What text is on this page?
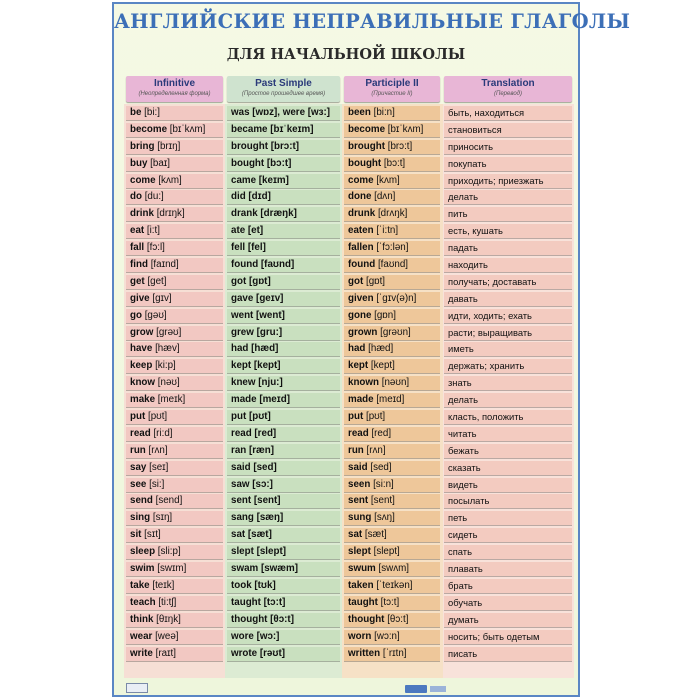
АНГЛИЙСКИЕ НЕПРАВИЛЬНЫЕ ГЛАГОЛЫ
ДЛЯ НАЧАЛЬНОЙ ШКОЛЫ
Infinitive
(Неопределенная форма)
Past Simple
(Простое прошедшее время)
Participle II
(Причастие II)
Translation
(Перевод)
be [bi:]	was [wɒz], were [wɜ:]	been [bi:n]	быть, находиться
become [bɪˈkʌm]	became [bɪˈkeɪm]	become [bɪˈkʌm]	становиться
bring [brɪŋ]	brought [brɔ:t]	brought [brɔ:t]	приносить
buy [baɪ]	bought [bɔ:t]	bought [bɔ:t]	покупать
come [kʌm]	came [keɪm]	come [kʌm]	приходить; приезжать
do [du:]	did [dɪd]	done [dʌn]	делать
drink [drɪŋk]	drank [dræŋk]	drunk [drʌŋk]	пить
eat [i:t]	ate [et]	eaten [ˈi:tn]	есть, кушать
fall [fɔ:l]	fell [fel]	fallen [ˈfɔ:lən]	падать
find [faɪnd]	found [faʊnd]	found [faʊnd]	находить
get [get]	got [gɒt]	got [gɒt]	получать; доставать
give [gɪv]	gave [geɪv]	given [ˈgɪv(ə)n]	давать
go [gəʊ]	went [went]	gone [gɒn]	идти, ходить; ехать
grow [grəʊ]	grew [gru:]	grown [grəʊn]	расти; выращивать
have [hæv]	had [hæd]	had [hæd]	иметь
keep [ki:p]	kept [kept]	kept [kept]	держать; хранить
know [nəʊ]	knew [nju:]	known [nəʊn]	знать
make [meɪk]	made [meɪd]	made [meɪd]	делать
put [pʊt]	put [pʊt]	put [pʊt]	класть, положить
read [ri:d]	read [red]	read [red]	читать
run [rʌn]	ran [ræn]	run [rʌn]	бежать
say [seɪ]	said [sed]	said [sed]	сказать
see [si:]	saw [sɔ:]	seen [si:n]	видеть
send [send]	sent [sent]	sent [sent]	посылать
sing [sɪŋ]	sang [sæŋ]	sung [sʌŋ]	петь
sit [sɪt]	sat [sæt]	sat [sæt]	сидеть
sleep [sli:p]	slept [slept]	slept [slept]	спать
swim [swɪm]	swam [swæm]	swum [swʌm]	плавать
take [teɪk]	took [tʊk]	taken [ˈteɪkən]	брать
teach [ti:tʃ]	taught [tɔ:t]	taught [tɔ:t]	обучать
think [θɪŋk]	thought [θɔ:t]	thought [θɔ:t]	думать
wear [weə]	wore [wɔ:]	worn [wɔ:n]	носить; быть одетым
write [raɪt]	wrote [rəʊt]	written [ˈrɪtn]	писать
